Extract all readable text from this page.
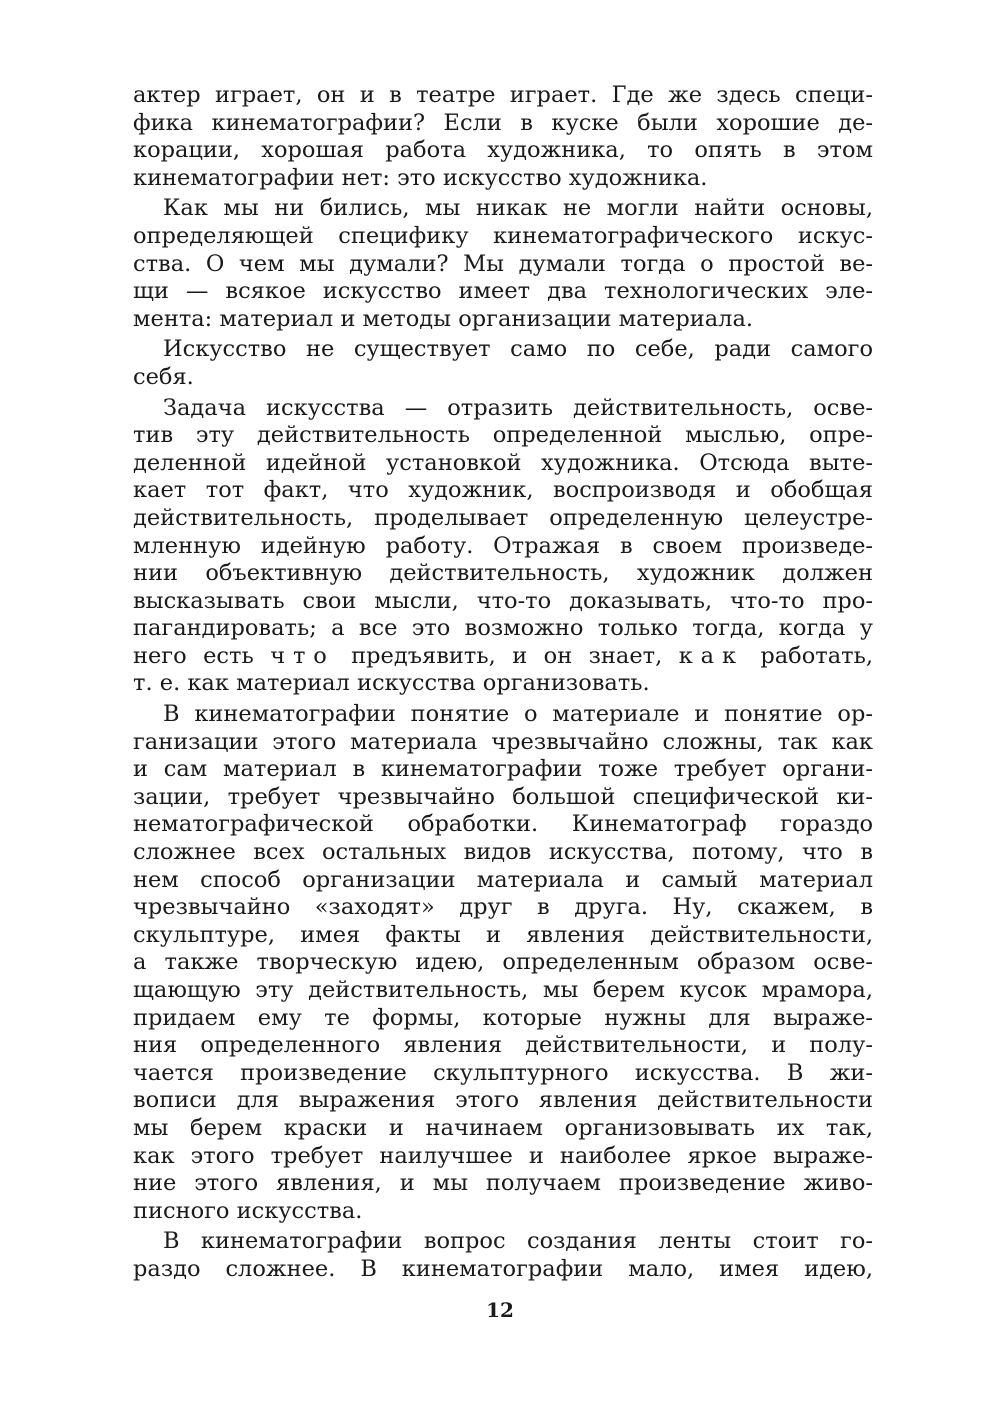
актер играет, он и в театре играет. Где же здесь специ-
фика кинематографии? Если в куске были хорошие де-
корации, хорошая работа художника, то опять в этом
кинематографии нет: это искусство художника.
Как мы ни бились, мы никак не могли найти основы,
определяющей специфику кинематографического искус-
ства. О чем мы думали? Мы думали тогда о простой ве-
щи — всякое искусство имеет два технологических эле-
мента: материал и методы организации материала.
Искусство не существует само по себе, ради самого
себя.
Задача искусства — отразить действительность, осве-
тив эту действительность определенной мыслью, опре-
деленной идейной установкой художника. Отсюда выте-
кает тот факт, что художник, воспроизводя и обобщая
действительность, проделывает определенную целеустре-
мленную идейную работу. Отражая в своем произведе-
нии объективную действительность, художник должен
высказывать свои мысли, что-то доказывать, что-то про-
пагандировать; а все это возможно только тогда, когда у
него есть что предъявить, и он знает, как работать,
т. е. как материал искусства организовать.
В кинематографии понятие о материале и понятие ор-
ганизации этого материала чрезвычайно сложны, так как
и сам материал в кинематографии тоже требует органи-
зации, требует чрезвычайно большой специфической ки-
нематографической обработки. Кинематограф гораздо
сложнее всех остальных видов искусства, потому, что в
нем способ организации материала и самый материал
чрезвычайно «заходят» друг в друга. Ну, скажем, в
скульптуре, имея факты и явления действительности,
а также творческую идею, определенным образом осве-
щающую эту действительность, мы берем кусок мрамора,
придаем ему те формы, которые нужны для выраже-
ния определенного явления действительности, и полу-
чается произведение скульптурного искусства. В жи-
вописи для выражения этого явления действительности
мы берем краски и начинаем организовывать их так,
как этого требует наилучшее и наиболее яркое выраже-
ние этого явления, и мы получаем произведение живо-
писного искусства.
В кинематографии вопрос создания ленты стоит го-
раздо сложнее. В кинематографии мало, имея идею,
12
